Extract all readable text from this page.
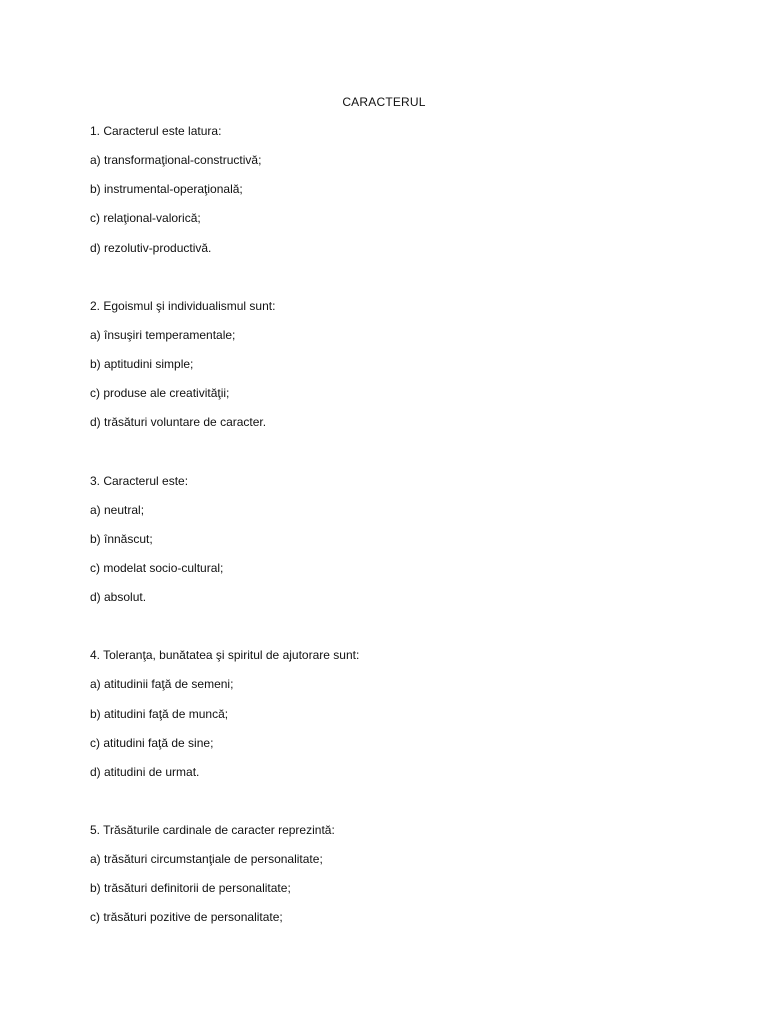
CARACTERUL
1. Caracterul este latura:
a) transformaţional-constructivă;
b) instrumental-operaţională;
c) relaţional-valorică;
d) rezolutiv-productivă.
2. Egoismul şi individualismul sunt:
a) însuşiri temperamentale;
b) aptitudini simple;
c) produse ale creativităţii;
d) trăsături voluntare de caracter.
3. Caracterul este:
a) neutral;
b) înnăscut;
c) modelat socio-cultural;
d) absolut.
4. Toleranţa, bunătatea şi spiritul de ajutorare sunt:
a) atitudinii faţă de semeni;
b) atitudini faţă de muncă;
c) atitudini faţă de sine;
d) atitudini de urmat.
5. Trăsăturile cardinale de caracter reprezintă:
a) trăsături circumstanţiale de personalitate;
b) trăsături definitorii de personalitate;
c) trăsături pozitive de personalitate;
